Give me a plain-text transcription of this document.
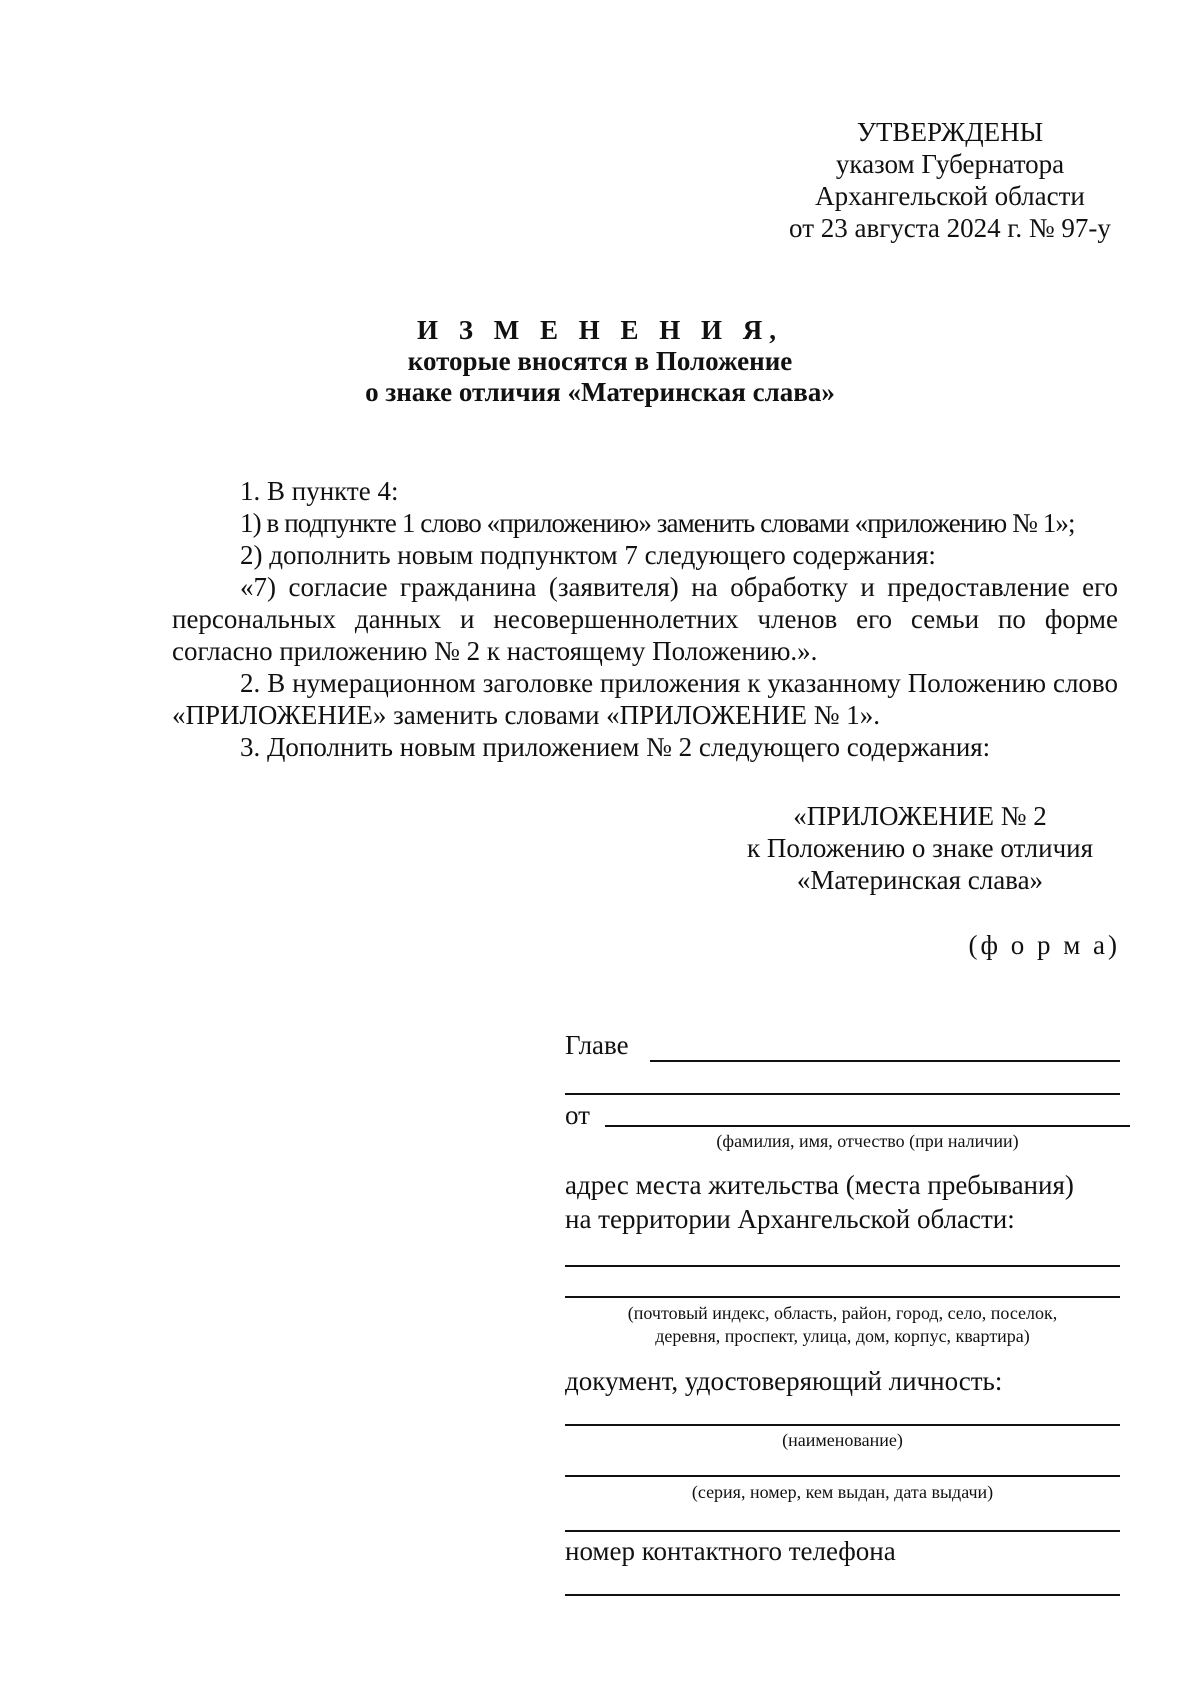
УТВЕРЖДЕНЫ
указом Губернатора
Архангельской области
от 23 августа 2024 г. № 97-у
И З М Е Н Е Н И Я,
которые вносятся в Положение
о знаке отличия «Материнская слава»

1. В пункте 4:

1) в подпункте 1 слово «приложению» заменить словами «приложению № 1»;

2) дополнить новым подпунктом 7 следующего содержания:

«7) согласие гражданина (заявителя) на обработку и предоставление его персональных данных и несовершеннолетних членов его семьи по форме согласно приложению № 2 к настоящему Положению.».

2. В нумерационном заголовке приложения к указанному Положению слово «ПРИЛОЖЕНИЕ» заменить словами «ПРИЛОЖЕНИЕ № 1».

3. Дополнить новым приложением № 2 следующего содержания:

«ПРИЛОЖЕНИЕ № 2
к Положению о знаке отличия
«Материнская слава»
(ф о р м а)
Главе
от
(фамилия, имя, отчество (при наличии)
адрес места жительства (места пребывания)
на территории Архангельской области:
(почтовый индекс, область, район, город, село, поселок,
деревня, проспект, улица, дом, корпус, квартира)
документ, удостоверяющий личность:
(наименование)
(серия, номер, кем выдан, дата выдачи)
номер контактного телефона
